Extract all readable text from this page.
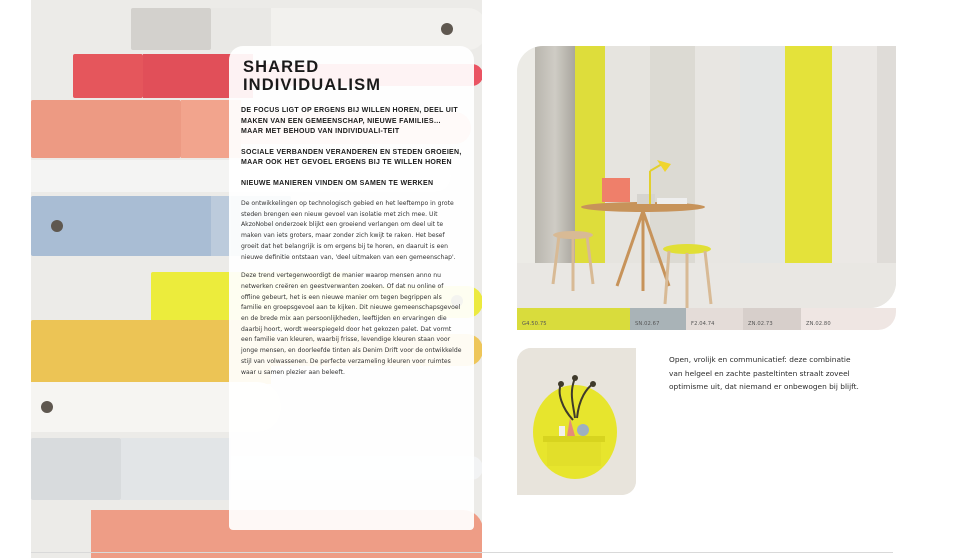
SHARED
INDIVIDUALISM

DE FOCUS LIGT OP ERGENS BIJ WILLEN HOREN, DEEL UIT MAKEN VAN EEN GEMEENSCHAP, NIEUWE FAMILIES… MAAR MET BEHOUD VAN INDIVIDUALI-TEIT

SOCIALE VERBANDEN VERANDEREN EN STEDEN GROEIEN, MAAR OOK HET GEVOEL ERGENS BIJ TE WILLEN HOREN

NIEUWE MANIEREN VINDEN OM SAMEN TE WERKEN

De ontwikkelingen op technologisch gebied en het leeftempo in grote steden brengen een nieuw gevoel van isolatie met zich mee. Uit AkzoNobel onderzoek blijkt een groeiend verlangen om deel uit te maken van iets groters, maar zonder zich kwijt te raken. Het besef groeit dat het belangrijk is om ergens bij te horen, en daaruit is een nieuwe definitie ontstaan van, 'deel uitmaken van een gemeenschap'.

Deze trend vertegenwoordigt de manier waarop mensen anno nu netwerken creëren en geestverwanten zoeken. Of dat nu online of offline gebeurt, het is een nieuwe manier om tegen begrippen als familie en groepsgevoel aan te kijken. Dit nieuwe gemeenschapsgevoel en de brede mix aan persoonlijkheden, leeftijden en ervaringen die daarbij hoort, wordt weerspiegeld door het gekozen palet. Dat vormt een familie van kleuren, waarbij frisse, levendige kleuren staan voor jonge mensen, en doorleefde tinten als Denim Drift voor de ontwikkelde stijl van volwassenen. De perfecte verzameling kleuren voor ruimtes waar u samen plezier aan beleeft.

G4.50.75	SN.02.67	F2.04.74	ZN.02.73	ZN.02.80

Open, vrolijk en communicatief: deze combinatie van helgeel en zachte pasteltinten straalt zoveel optimisme uit, dat niemand er onbewogen bij blijft.
